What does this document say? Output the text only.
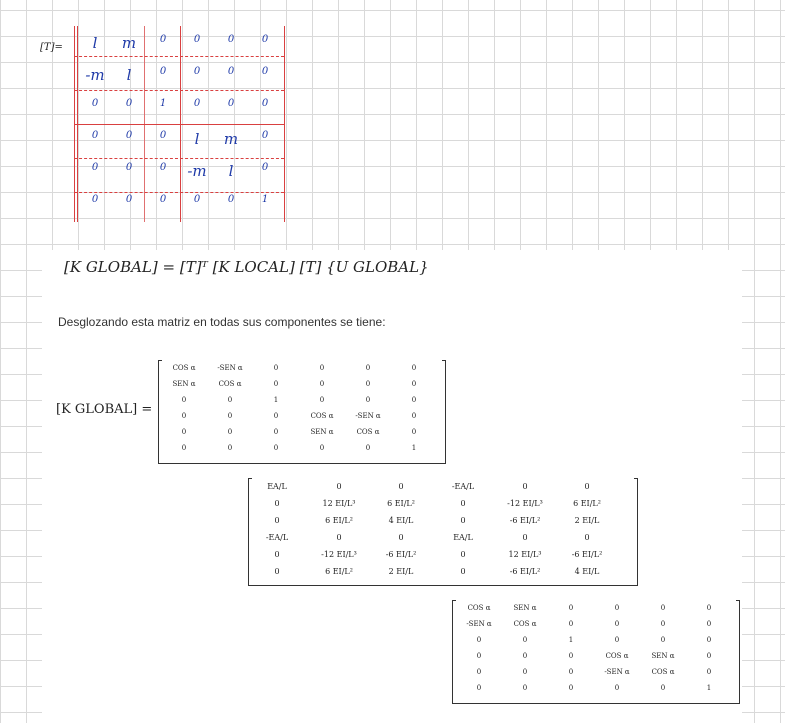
[T]=	l	m	0	0	0	0
-m	l	0	0	0	0
0	0	1	0	0	0
0	0	0	l	m	0
0	0	0	-m	l	0
0	0	0	0	0	1
[K GLOBAL] = [T]ᵀ [K LOCAL] [T] {U GLOBAL}
Desglozando esta matriz en todas sus componentes se tiene:
[K GLOBAL] =
COS α	-SEN α	0	0	0	0
SEN α	COS α	0	0	0	0
0	0	1	0	0	0
0	0	0	COS α	-SEN α	0
0	0	0	SEN α	COS α	0
0	0	0	0	0	1
EA/L	0	0	-EA/L	0	0
0	12 EI/L³	6 EI/L²	0	-12 EI/L³	6 EI/L²
0	6 EI/L²	4 EI/L	0	-6 EI/L²	2 EI/L
-EA/L	0	0	EA/L	0	0
0	-12 EI/L³	-6 EI/L²	0	12 EI/L³	-6 EI/L²
0	6 EI/L²	2 EI/L	0	-6 EI/L²	4 EI/L
COS α	SEN α	0	0	0	0
-SEN α	COS α	0	0	0	0
0	0	1	0	0	0
0	0	0	COS α	SEN α	0
0	0	0	-SEN α	COS α	0
0	0	0	0	0	1
